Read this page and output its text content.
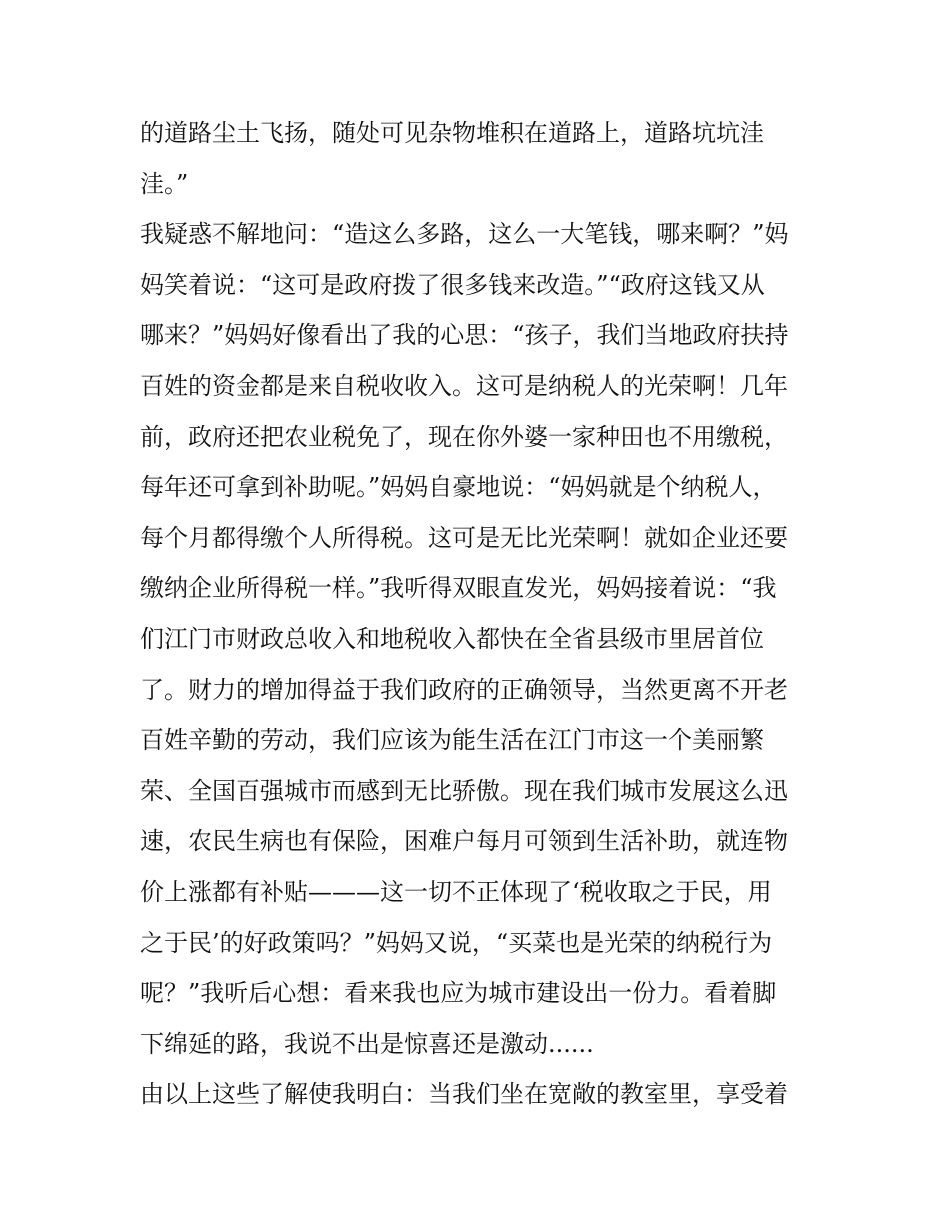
的道路尘土飞扬，随处可见杂物堆积在道路上，道路坑坑洼
洼。”
我疑惑不解地问：“造这么多路，这么一大笔钱，哪来啊？”妈
妈笑着说：“这可是政府拨了很多钱来改造。”“政府这钱又从
哪来？”妈妈好像看出了我的心思：“孩子，我们当地政府扶持
百姓的资金都是来自税收收入。这可是纳税人的光荣啊！几年
前，政府还把农业税免了，现在你外婆一家种田也不用缴税，
每年还可拿到补助呢。”妈妈自豪地说：“妈妈就是个纳税人，
每个月都得缴个人所得税。这可是无比光荣啊！就如企业还要
缴纳企业所得税一样。”我听得双眼直发光，妈妈接着说：“我
们江门市财政总收入和地税收入都快在全省县级市里居首位
了。财力的增加得益于我们政府的正确领导，当然更离不开老
百姓辛勤的劳动，我们应该为能生活在江门市这一个美丽繁
荣、全国百强城市而感到无比骄傲。现在我们城市发展这么迅
速，农民生病也有保险，困难户每月可领到生活补助，就连物
价上涨都有补贴———这一切不正体现了‘税收取之于民，用
之于民’的好政策吗？”妈妈又说，“买菜也是光荣的纳税行为
呢？”我听后心想：看来我也应为城市建设出一份力。看着脚
下绵延的路，我说不出是惊喜还是激动......
由以上这些了解使我明白：当我们坐在宽敞的教室里，享受着
